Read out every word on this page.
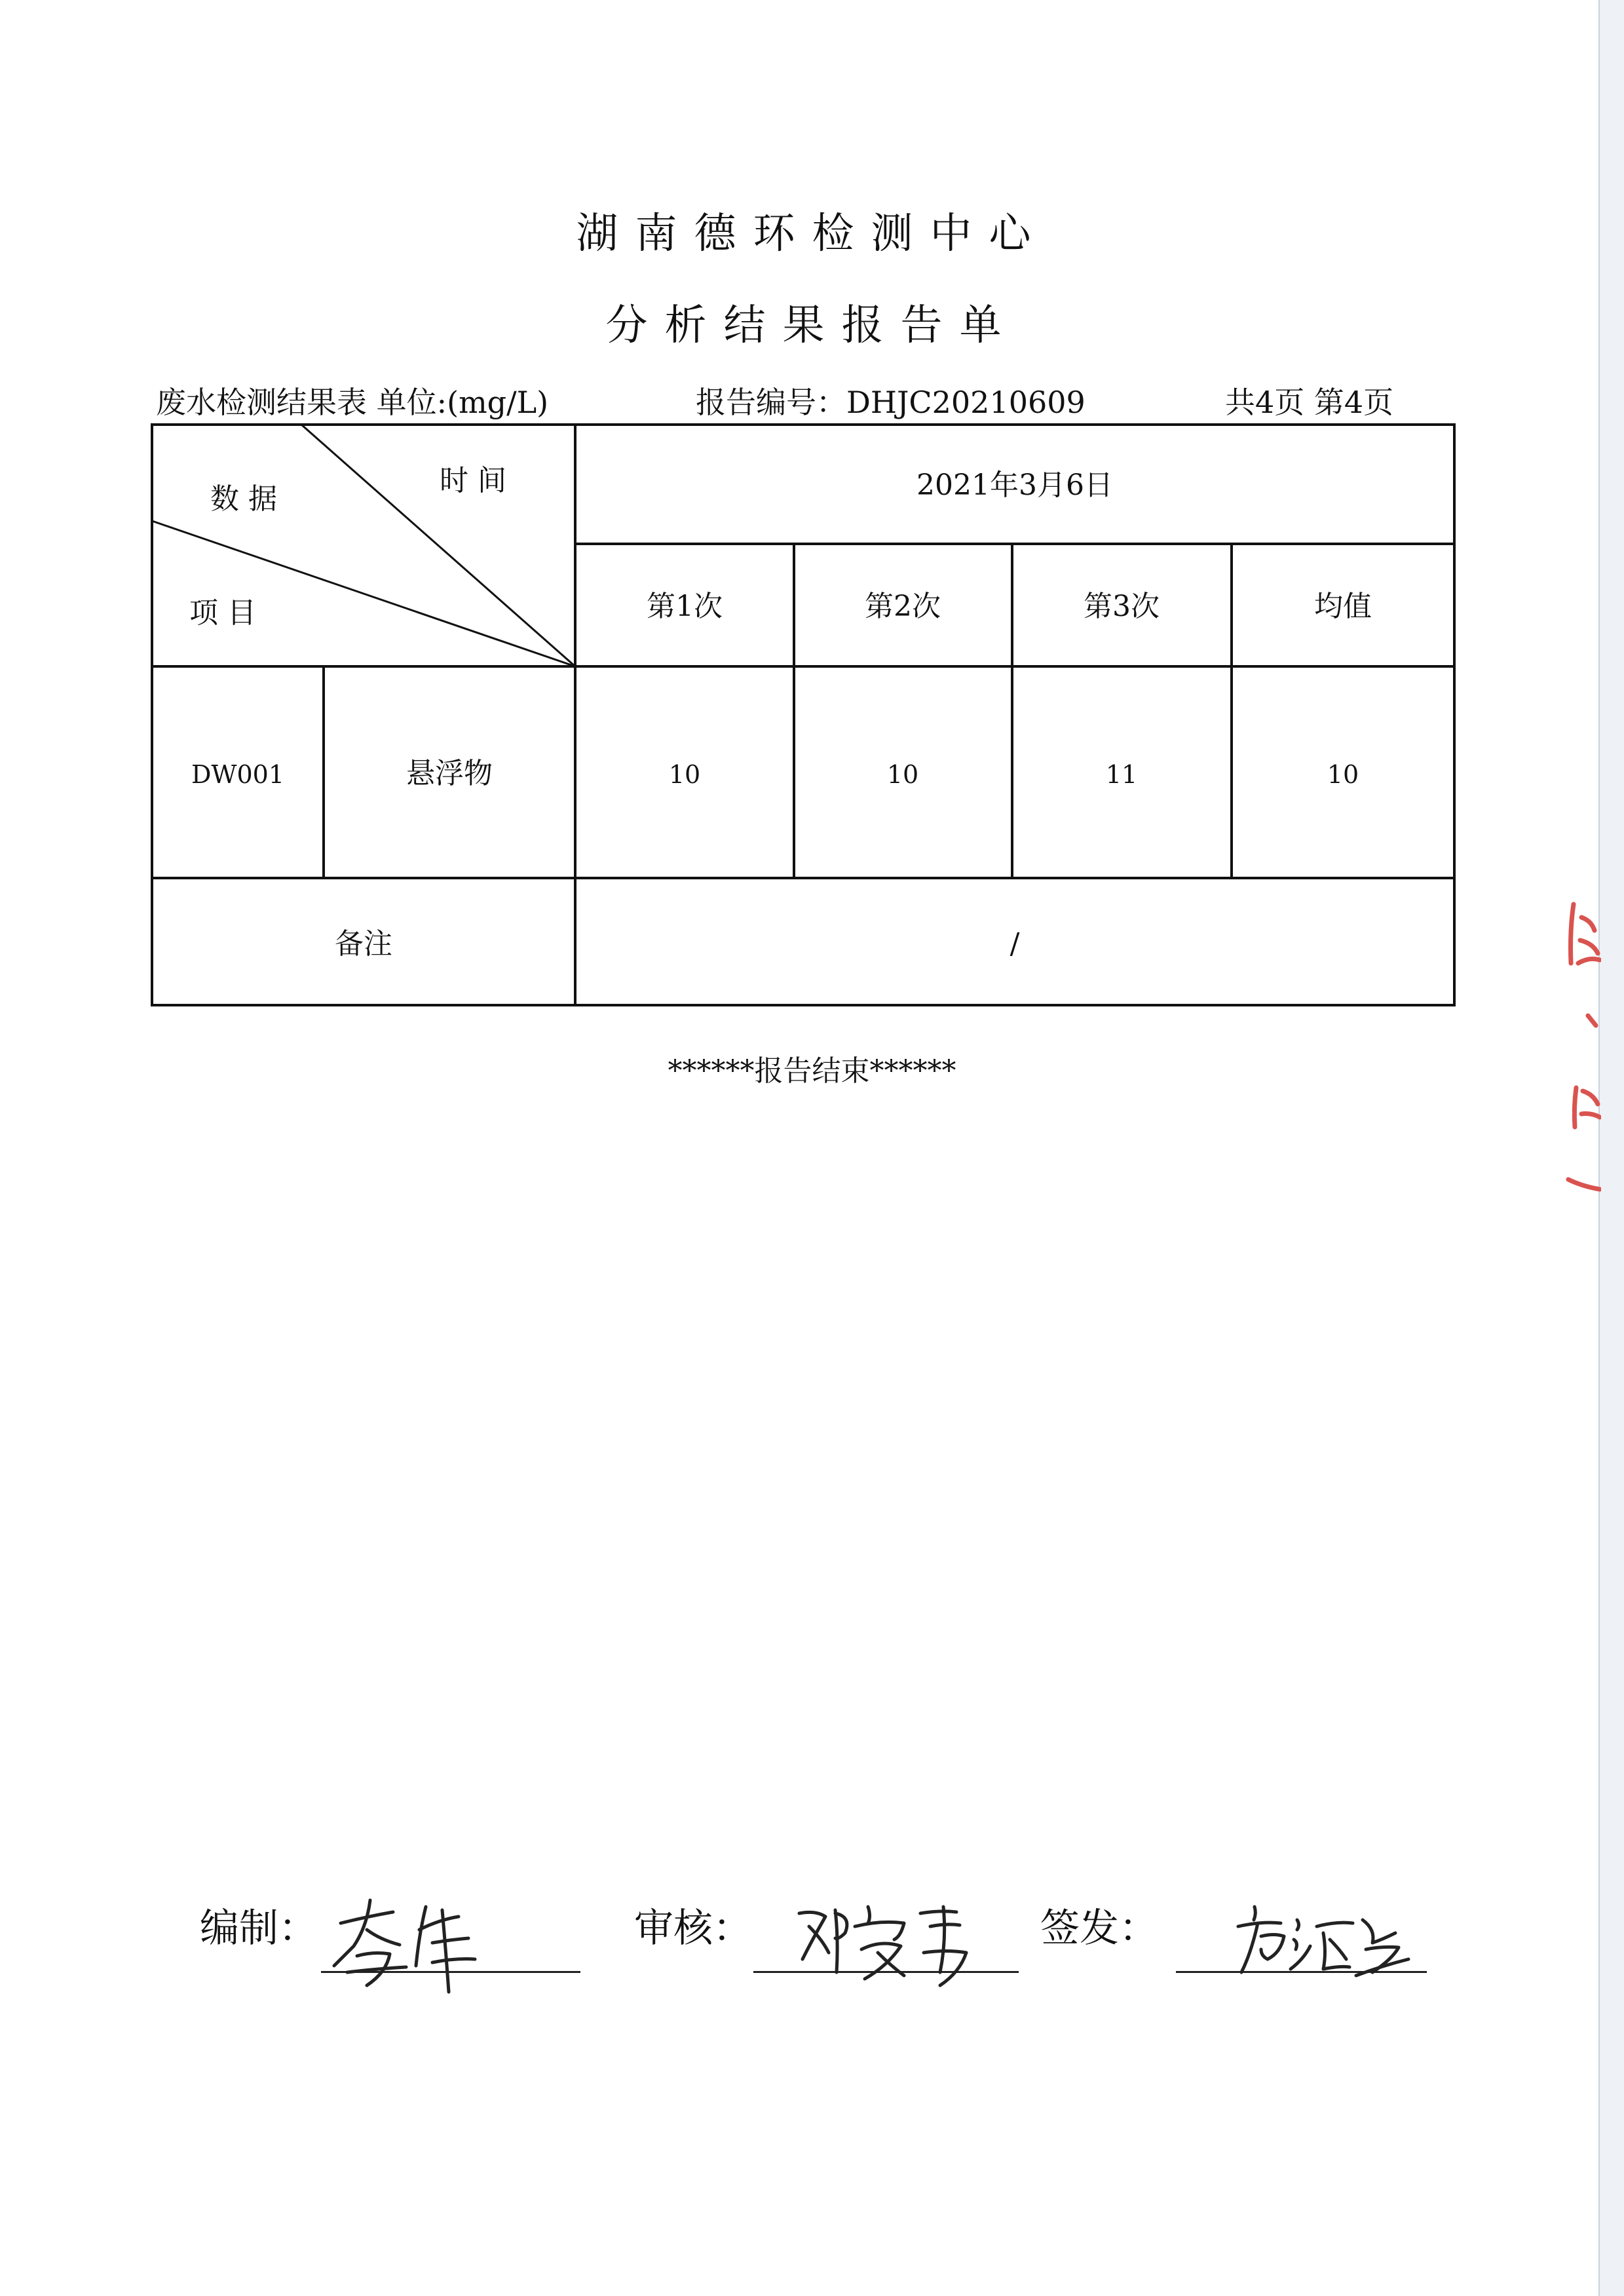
湖南德环检测中心
分析结果报告单
废水检测结果表 单位:(mg/L)	报告编号：DHJC20210609	共4页 第4页
数 据
时 间
项 目
2021年3月6日
第1次	第2次	第3次	均值
DW001	悬浮物	10	10	11	10
备注	/
******报告结束******
编制：	审核：	签发：
